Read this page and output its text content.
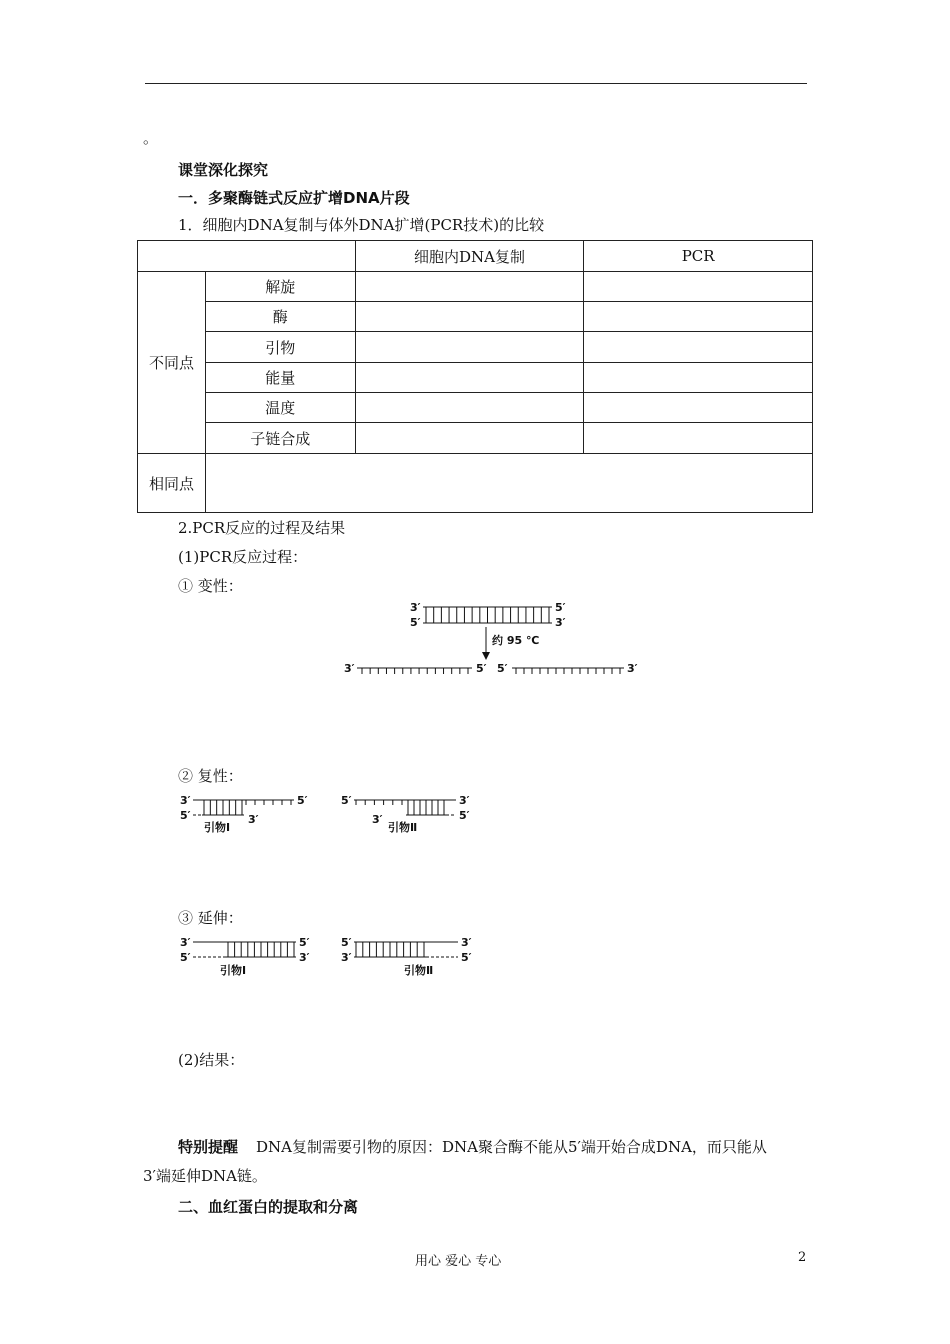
。
课堂深化探究
一．多聚酶链式反应扩增DNA片段
1．细胞内DNA复制与体外DNA扩增(PCR技术)的比较
		细胞内DNA复制	PCR
不同点	解旋		
	酶		
	引物		
	能量		
	温度		
	子链合成		
相同点			
2.PCR反应的过程及结果
(1)PCR反应过程：
① 变性：
3′
5′
5′
3′
约 95 ℃
3′	5′ 5′	3′
② 复性：
3′	5′
5′	3′
引物Ⅰ
5′	3′
3′	5′
引物Ⅱ
③ 延伸：
3′	5′
5′	3′
引物Ⅰ
5′	3′
3′	5′
引物Ⅱ
(2)结果：
特别提醒 DNA复制需要引物的原因：DNA聚合酶不能从5′端开始合成DNA，而只能从
3′端延伸DNA链。
二、血红蛋白的提取和分离
用心 爱心 专心	2
